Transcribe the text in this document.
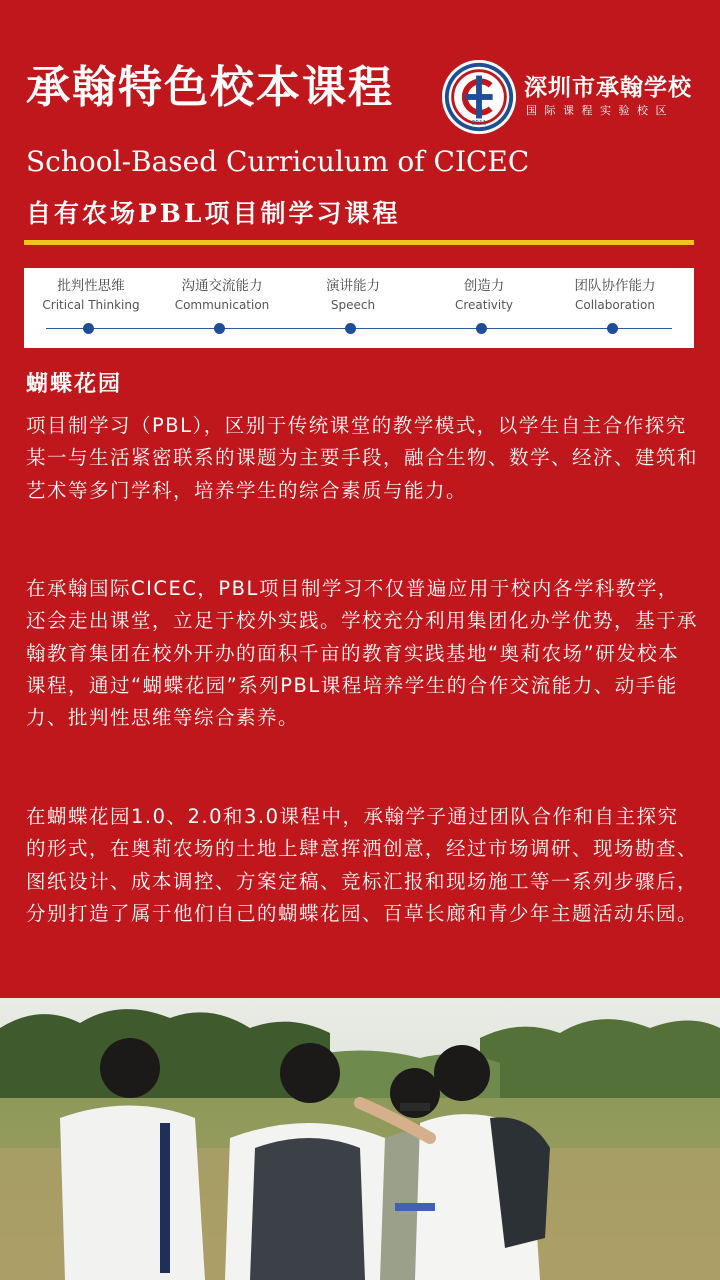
承翰特色校本课程
2011
深圳市承翰学校
国际课程实验校区
School-Based Curriculum of CICEC
自有农场PBL项目制学习课程
批判性思维
Critical Thinking
沟通交流能力
Communication
演讲能力
Speech
创造力
Creativity
团队协作能力
Collaboration
蝴蝶花园
项目制学习（PBL），区别于传统课堂的教学模式，以学生自主合作探究某一与生活紧密联系的课题为主要手段，融合生物、数学、经济、建筑和艺术等多门学科，培养学生的综合素质与能力。
在承翰国际CICEC，PBL项目制学习不仅普遍应用于校内各学科教学，还会走出课堂，立足于校外实践。学校充分利用集团化办学优势，基于承翰教育集团在校外开办的面积千亩的教育实践基地“奥莉农场”研发校本课程，通过“蝴蝶花园”系列PBL课程培养学生的合作交流能力、动手能力、批判性思维等综合素养。
在蝴蝶花园1.0、2.0和3.0课程中，承翰学子通过团队合作和自主探究的形式，在奥莉农场的土地上肆意挥洒创意，经过市场调研、现场勘查、图纸设计、成本调控、方案定稿、竞标汇报和现场施工等一系列步骤后，分别打造了属于他们自己的蝴蝶花园、百草长廊和青少年主题活动乐园。
